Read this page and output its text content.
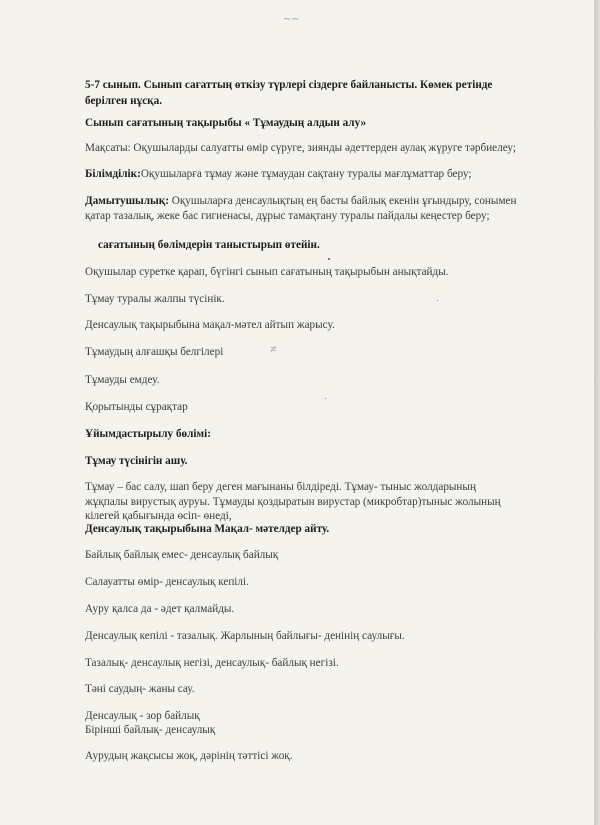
∼∼
5-7 сынып. Сынып сағаттың өткізу түрлері сіздерге байланысты. Көмек ретінде
берілген нұсқа.
Сынып сағатының тақырыбы « Тұмаудың алдын алу»
Мақсаты: Оқушыларды салуатты өмір сүруге, зиянды әдеттерден аулақ жүруге тәрбиелеу;
Білімділік:Оқушыларға тұмау және тұмаудан сақтану туралы мағлұматтар беру;
Дамытушылық: Оқушыларға денсаулықтың ең басты байлық екенін ұғындыру, сонымен
қатар тазалық, жеке бас гигиенасы, дұрыс тамақтану туралы пайдалы кеңестер беру;
сағатының бөлімдерін таныстырып өтейін.
Оқушылар суретке қарап, бүгінгі сынып сағатының тақырыбын анықтайды.
Тұмау туралы жалпы түсінік.
Денсаулық тақырыбына мақал-мәтел айтып жарысу.
Тұмаудың алғашқы белгілері	≠
Тұмауды емдеу.
Қорытынды сұрақтар
Ұйымдастырылу бөлімі:
Тұмау түсінігін ашу.
Тұмау – бас салу, шап беру деген мағынаны білдіреді. Тұмау- тыныс жолдарының
жұқпалы вирустық ауруы. Тұмауды қоздыратын вирустар (микробтар)тыныс жолының
кілегей қабығында өсіп- өнеді,
Денсаулық тақырыбына Мақал- мәтелдер айту.
Байлық байлық емес- денсаулық байлық
Салауатты өмір- денсаулық кепілі.
Ауру қалса да - әдет қалмайды.
Денсаулық кепілі - тазалық. Жарлының байлығы- денінің саулығы.
Тазалық- денсаулық негізі, денсаулық- байлық негізі.
Тәні саудың- жаны сау.
Денсаулық - зор байлық
Бірінші байлық- денсаулық
Аурудың жақсысы жоқ, дәрінің тәттісі жоқ.
